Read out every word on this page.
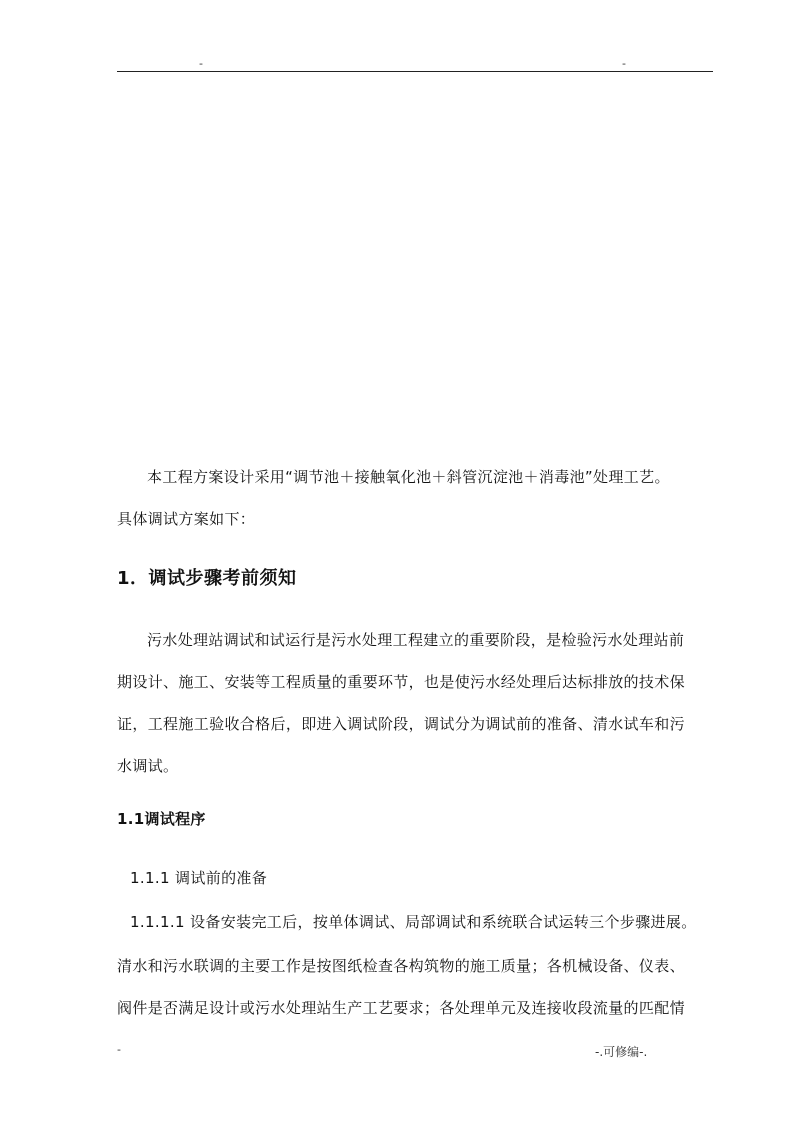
-	-
本工程方案设计采用“调节池＋接触氧化池＋斜管沉淀池＋消毒池”处理工艺。
具体调试方案如下：
1．调试步骤考前须知
污水处理站调试和试运行是污水处理工程建立的重要阶段，是检验污水处理站前
期设计、施工、安装等工程质量的重要环节，也是使污水经处理后达标排放的技术保
证，工程施工验收合格后，即进入调试阶段，调试分为调试前的准备、清水试车和污
水调试。
1.1调试程序
1.1.1 调试前的准备
1.1.1.1 设备安装完工后，按单体调试、局部调试和系统联合试运转三个步骤进展。
清水和污水联调的主要工作是按图纸检查各构筑物的施工质量；各机械设备、仪表、
阀件是否满足设计或污水处理站生产工艺要求；各处理单元及连接收段流量的匹配情
-	-.可修编-.
